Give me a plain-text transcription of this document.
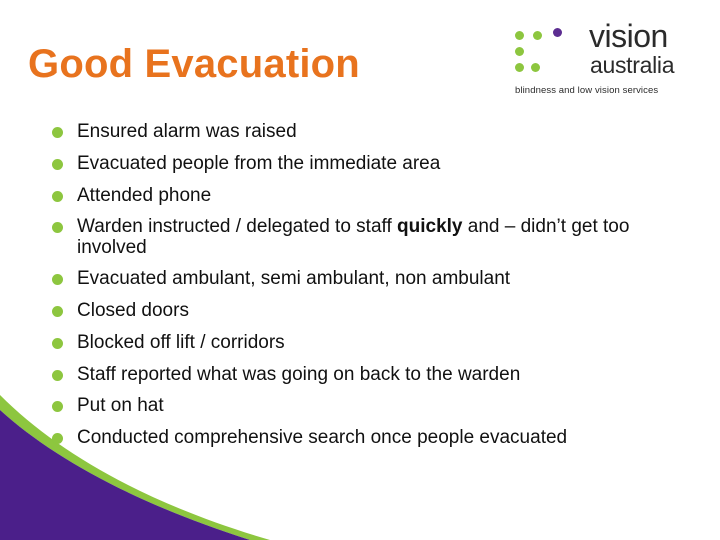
Good Evacuation
vision
australia
blindness and low vision services
Ensured alarm was raised
Evacuated people from the immediate area
Attended phone
Warden instructed / delegated to staff quickly and – didn’t get too involved
Evacuated ambulant, semi ambulant, non ambulant
Closed doors
Blocked off lift / corridors
Staff reported what was going on back to the warden
Put on hat
Conducted comprehensive search once people evacuated
